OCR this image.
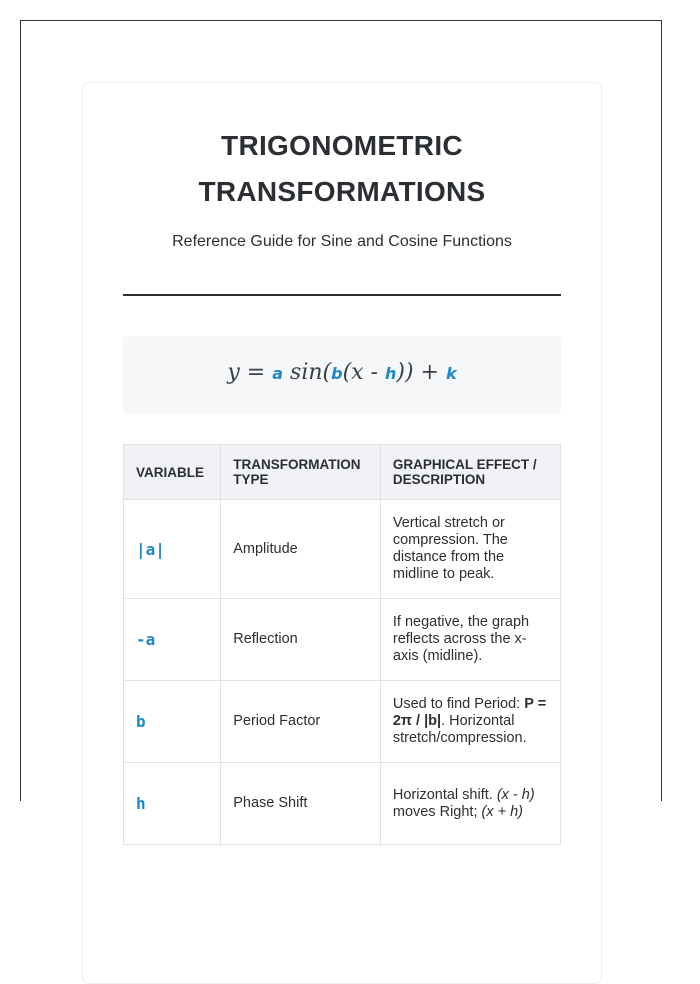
TRIGONOMETRIC TRANSFORMATIONS
Reference Guide for Sine and Cosine Functions
y = a sin(b(x - h)) + k
VARIABLE	TRANSFORMATION TYPE	GRAPHICAL EFFECT / DESCRIPTION
|a|	Amplitude	Vertical stretch or compression. The distance from the midline to peak.
-a	Reflection	If negative, the graph reflects across the x-axis (midline).
b	Period Factor	Used to find Period: P = 2π / |b|. Horizontal stretch/compression.
h	Phase Shift	Horizontal shift. (x - h) moves Right; (x + h)
